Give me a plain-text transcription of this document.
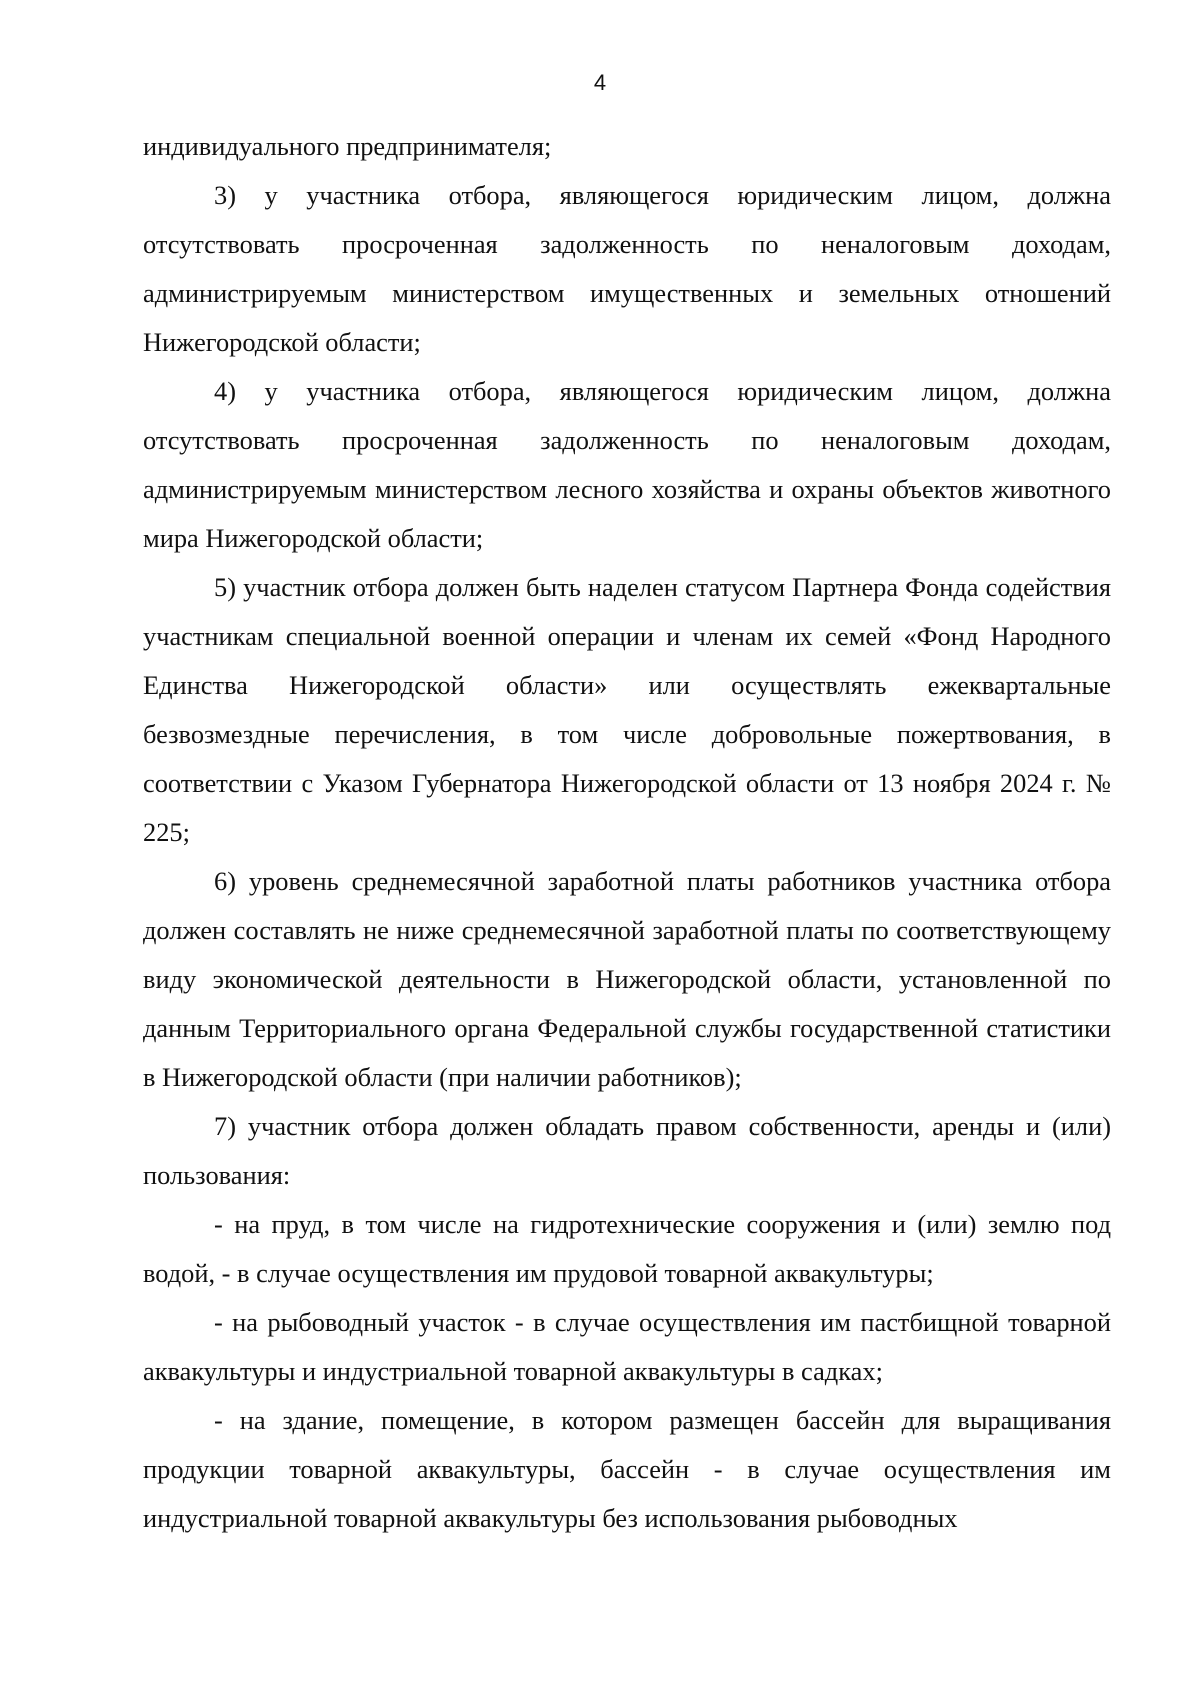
4

индивидуального предпринимателя;

3) у участника отбора, являющегося юридическим лицом, должна отсутствовать просроченная задолженность по неналоговым доходам, администрируемым министерством имущественных и земельных отношений Нижегородской области;

4) у участника отбора, являющегося юридическим лицом, должна отсутствовать просроченная задолженность по неналоговым доходам, администрируемым министерством лесного хозяйства и охраны объектов животного мира Нижегородской области;

5) участник отбора должен быть наделен статусом Партнера Фонда содействия участникам специальной военной операции и членам их семей «Фонд Народного Единства Нижегородской области» или осуществлять ежеквартальные безвозмездные перечисления, в том числе добровольные пожертвования, в соответствии с Указом Губернатора Нижегородской области от 13 ноября 2024 г. № 225;

6) уровень среднемесячной заработной платы работников участника отбора должен составлять не ниже среднемесячной заработной платы по соответствующему виду экономической деятельности в Нижегородской области, установленной по данным Территориального органа Федеральной службы государственной статистики в Нижегородской области (при наличии работников);

7) участник отбора должен обладать правом собственности, аренды и (или) пользования:

- на пруд, в том числе на гидротехнические сооружения и (или) землю под водой, - в случае осуществления им прудовой товарной аквакультуры;

- на рыбоводный участок - в случае осуществления им пастбищной товарной аквакультуры и индустриальной товарной аквакультуры в садках;

- на здание, помещение, в котором размещен бассейн для выращивания продукции товарной аквакультуры, бассейн - в случае осуществления им индустриальной товарной аквакультуры без использования рыбоводных
